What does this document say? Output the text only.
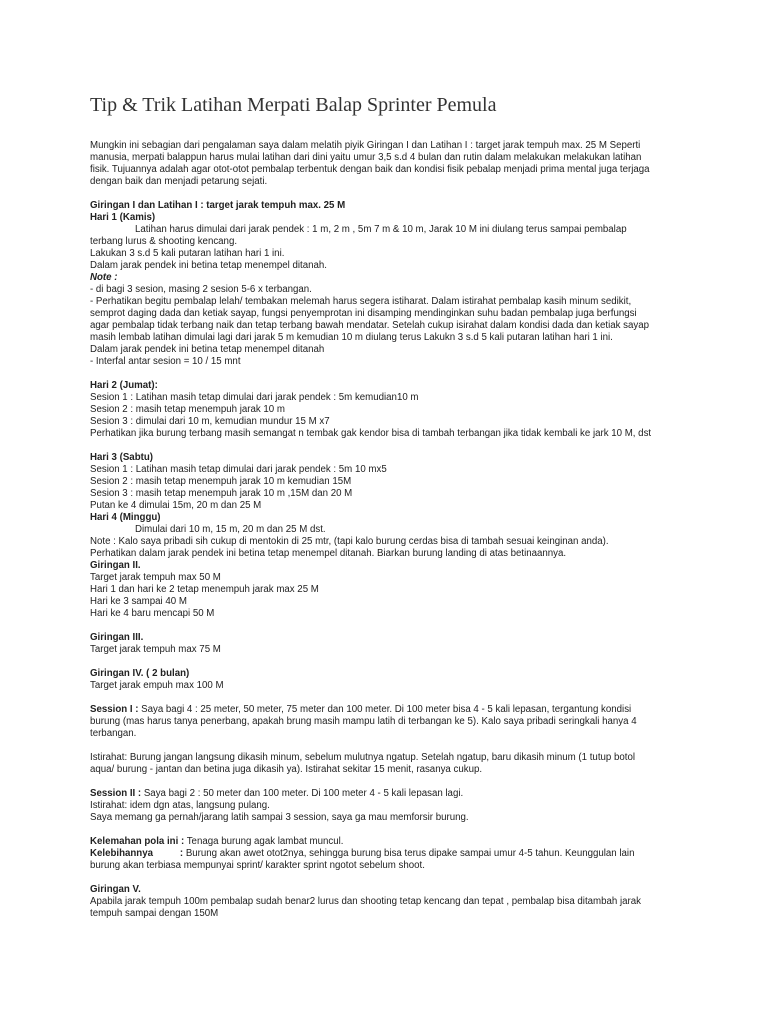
Tip & Trik Latihan Merpati Balap Sprinter Pemula
Mungkin ini sebagian dari pengalaman saya dalam melatih piyik Giringan I dan Latihan I : target jarak tempuh max. 25 M Seperti
manusia, merpati balappun harus mulai latihan dari dini yaitu umur 3,5 s.d 4 bulan dan rutin dalam melakukan melakukan latihan
fisik. Tujuannya adalah agar otot-otot pembalap terbentuk dengan baik dan kondisi fisik pebalap menjadi prima mental juga terjaga
dengan baik dan menjadi petarung sejati.
Giringan I dan Latihan I : target jarak tempuh max. 25 M
Hari 1 (Kamis)
Latihan harus dimulai dari jarak pendek : 1 m, 2 m , 5m 7 m & 10 m, Jarak 10 M ini diulang terus sampai pembalap
terbang lurus & shooting kencang.
Lakukan 3 s.d 5 kali putaran latihan hari 1 ini.
Dalam jarak pendek ini betina tetap menempel ditanah.
Note :
- di bagi 3 sesion, masing 2 sesion 5-6 x terbangan.
- Perhatikan begitu pembalap lelah/ tembakan melemah harus segera istiharat. Dalam istirahat pembalap kasih minum sedikit,
semprot daging dada dan ketiak sayap, fungsi penyemprotan ini disamping mendinginkan suhu badan pembalap juga berfungsi
agar pembalap tidak terbang naik dan tetap terbang bawah mendatar. Setelah cukup isirahat dalam kondisi dada dan ketiak sayap
masih lembab latihan dimulai lagi dari jarak 5 m kemudian 10 m diulang terus Lakukn 3 s.d 5 kali putaran latihan hari 1 ini.
Dalam jarak pendek ini betina tetap menempel ditanah
- Interfal antar sesion = 10 / 15 mnt
Hari 2 (Jumat):
Sesion 1 : Latihan masih tetap dimulai dari jarak pendek : 5m kemudian10 m
Sesion 2 : masih tetap menempuh jarak 10 m
Sesion 3 : dimulai dari 10 m, kemudian mundur 15 M x7
Perhatikan jika burung terbang masih semangat n tembak gak kendor bisa di tambah terbangan jika tidak kembali ke jark 10 M, dst
Hari 3 (Sabtu)
Sesion 1 : Latihan masih tetap dimulai dari jarak pendek : 5m 10 mx5
Sesion 2 : masih tetap menempuh jarak 10 m kemudian 15M
Sesion 3 : masih tetap menempuh jarak 10 m ,15M dan 20 M
Putan ke 4 dimulai 15m, 20 m dan 25 M
Hari 4 (Minggu)
Dimulai dari 10 m, 15 m, 20 m dan 25 M dst.
Note : Kalo saya pribadi sih cukup di mentokin di 25 mtr, (tapi kalo burung cerdas bisa di tambah sesuai keinginan anda).
Perhatikan dalam jarak pendek ini betina tetap menempel ditanah. Biarkan burung landing di atas betinaannya.
Giringan II.
Target jarak tempuh max 50 M
Hari 1 dan hari ke 2 tetap menempuh jarak max 25 M
Hari ke 3 sampai 40 M
Hari ke 4 baru mencapi 50 M
Giringan III.
Target jarak tempuh max 75 M
Giringan IV. ( 2 bulan)
Target jarak empuh max 100 M
Session I : Saya bagi 4 : 25 meter, 50 meter, 75 meter dan 100 meter. Di 100 meter bisa 4 - 5 kali lepasan, tergantung kondisi
burung (mas harus tanya penerbang, apakah brung masih mampu latih di terbangan ke 5). Kalo saya pribadi seringkali hanya 4
terbangan.
Istirahat: Burung jangan langsung dikasih minum, sebelum mulutnya ngatup. Setelah ngatup, baru dikasih minum (1 tutup botol
aqua/ burung - jantan dan betina juga dikasih ya). Istirahat sekitar 15 menit, rasanya cukup.
Session II : Saya bagi 2 : 50 meter dan 100 meter. Di 100 meter 4 - 5 kali lepasan lagi.
Istirahat: idem dgn atas, langsung pulang.
Saya memang ga pernah/jarang latih sampai 3 session, saya ga mau memforsir burung.
Kelemahan pola ini : Tenaga burung agak lambat muncul.
Kelebihannya          : Burung akan awet otot2nya, sehingga burung bisa terus dipake sampai umur 4-5 tahun. Keunggulan lain
burung akan terbiasa mempunyai sprint/ karakter sprint ngotot sebelum shoot.
Giringan V.
Apabila jarak tempuh 100m pembalap sudah benar2 lurus dan shooting tetap kencang dan tepat , pembalap bisa ditambah jarak
tempuh sampai dengan 150M
